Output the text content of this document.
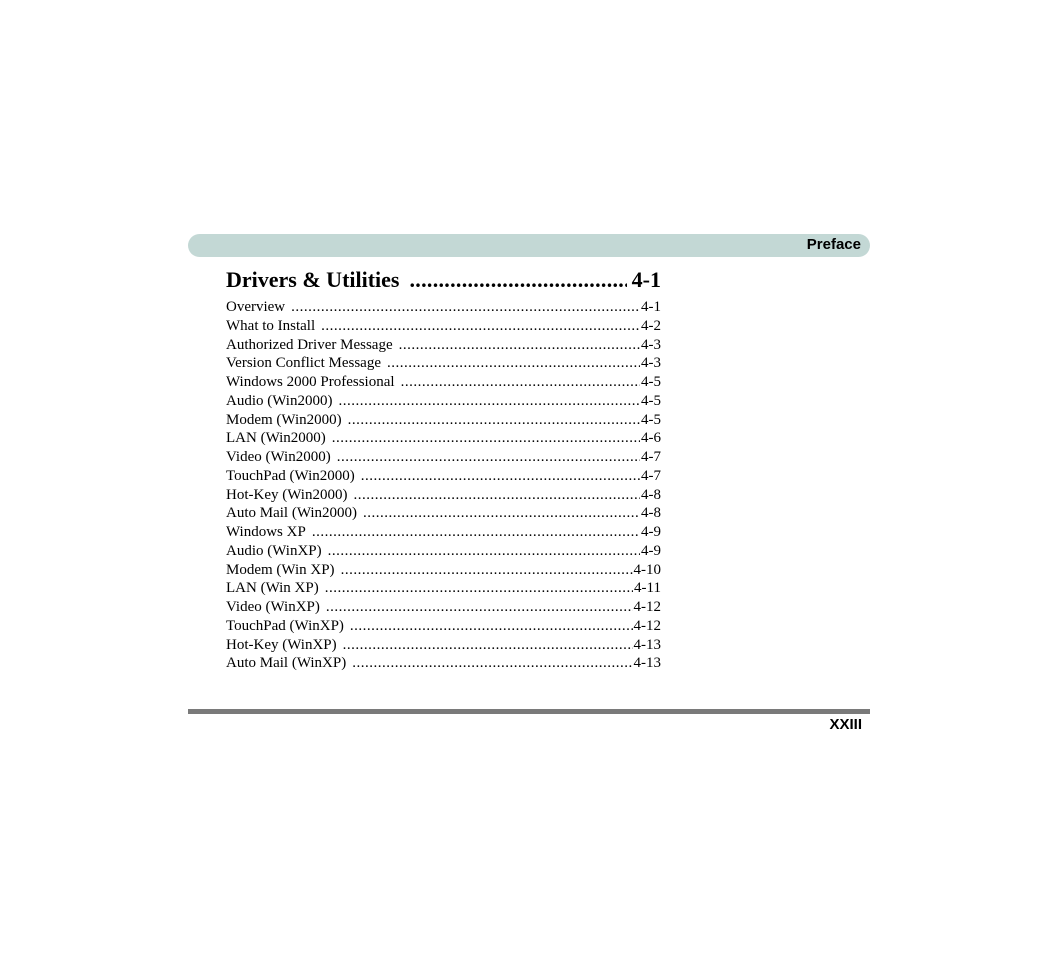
Preface
Drivers & Utilities .....	4-1
Overview .....	4-1
What to Install .....	4-2
Authorized Driver Message .....	4-3
Version Conflict Message .....	4-3
Windows 2000 Professional .....	4-5
Audio (Win2000) .....	4-5
Modem (Win2000) .....	4-5
LAN (Win2000) .....	4-6
Video (Win2000) .....	4-7
TouchPad (Win2000) .....	4-7
Hot-Key (Win2000) .....	4-8
Auto Mail (Win2000) .....	4-8
Windows XP .....	4-9
Audio (WinXP) .....	4-9
Modem (Win XP) .....	4-10
LAN (Win XP) .....	4-11
Video (WinXP) .....	4-12
TouchPad (WinXP) .....	4-12
Hot-Key (WinXP) .....	4-13
Auto Mail (WinXP) .....	4-13
XXIII
